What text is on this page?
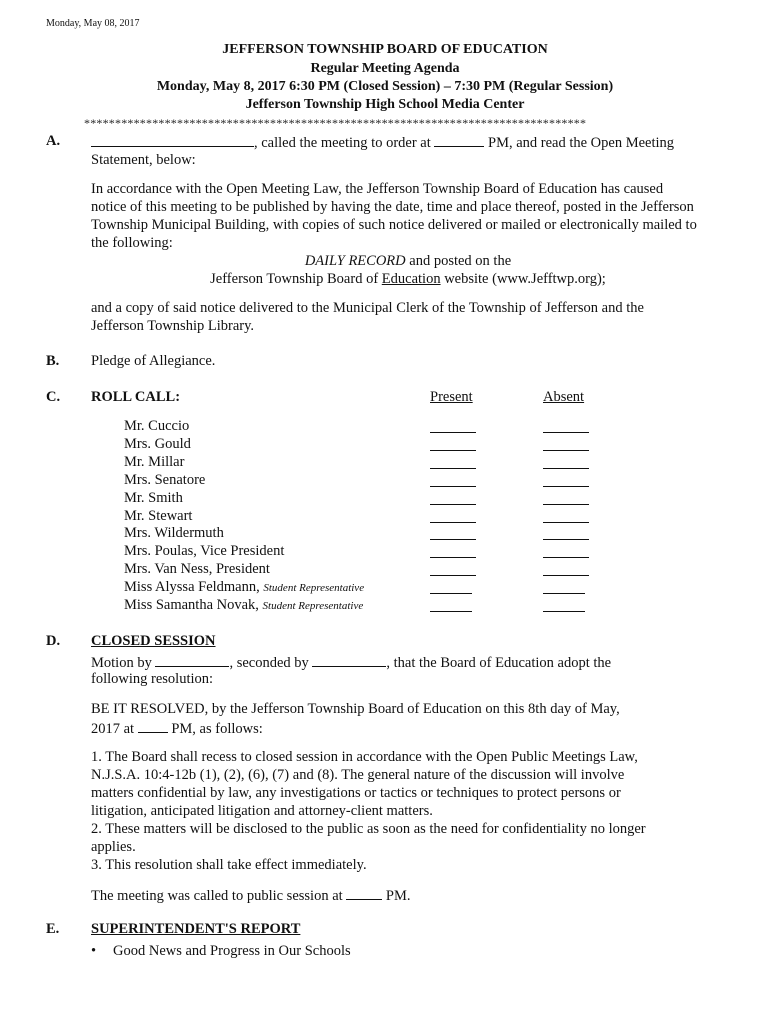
Monday, May 08, 2017
JEFFERSON TOWNSHIP BOARD OF EDUCATION
Regular Meeting Agenda
Monday, May 8, 2017 6:30 PM (Closed Session) – 7:30 PM (Regular Session)
Jefferson Township High School Media Center
*********************************************************************************
A.	, called the meeting to order at	PM, and read the Open Meeting
Statement, below:
In accordance with the Open Meeting Law, the Jefferson Township Board of Education has caused
notice of this meeting to be published by having the date, time and place thereof, posted in the Jefferson
Township Municipal Building, with copies of such notice delivered or mailed or electronically mailed to
the following:
DAILY RECORD and posted on the
Jefferson Township Board of Education website (www.Jefftwp.org);
and a copy of said notice delivered to the Municipal Clerk of the Township of Jefferson and the
Jefferson Township Library.
B. Pledge of Allegiance.
C. ROLL CALL:	Present	Absent
Mr. Cuccio
Mrs. Gould
Mr. Millar
Mrs. Senatore
Mr. Smith
Mr. Stewart
Mrs. Wildermuth
Mrs. Poulas, Vice President
Mrs. Van Ness, President
Miss Alyssa Feldmann, Student Representative
Miss Samantha Novak, Student Representative
D. CLOSED SESSION
Motion by	, seconded by	, that the Board of Education adopt the
following resolution:
BE IT RESOLVED, by the Jefferson Township Board of Education on this 8th day of May,
2017 at	PM, as follows:
1. The Board shall recess to closed session in accordance with the Open Public Meetings Law,
N.J.S.A. 10:4-12b (1), (2), (6), (7) and (8). The general nature of the discussion will involve
matters confidential by law, any investigations or tactics or techniques to protect persons or
litigation, anticipated litigation and attorney-client matters.
2. These matters will be disclosed to the public as soon as the need for confidentiality no longer
applies.
3. This resolution shall take effect immediately.
The meeting was called to public session at	PM.
E. SUPERINTENDENT'S REPORT
• Good News and Progress in Our Schools
